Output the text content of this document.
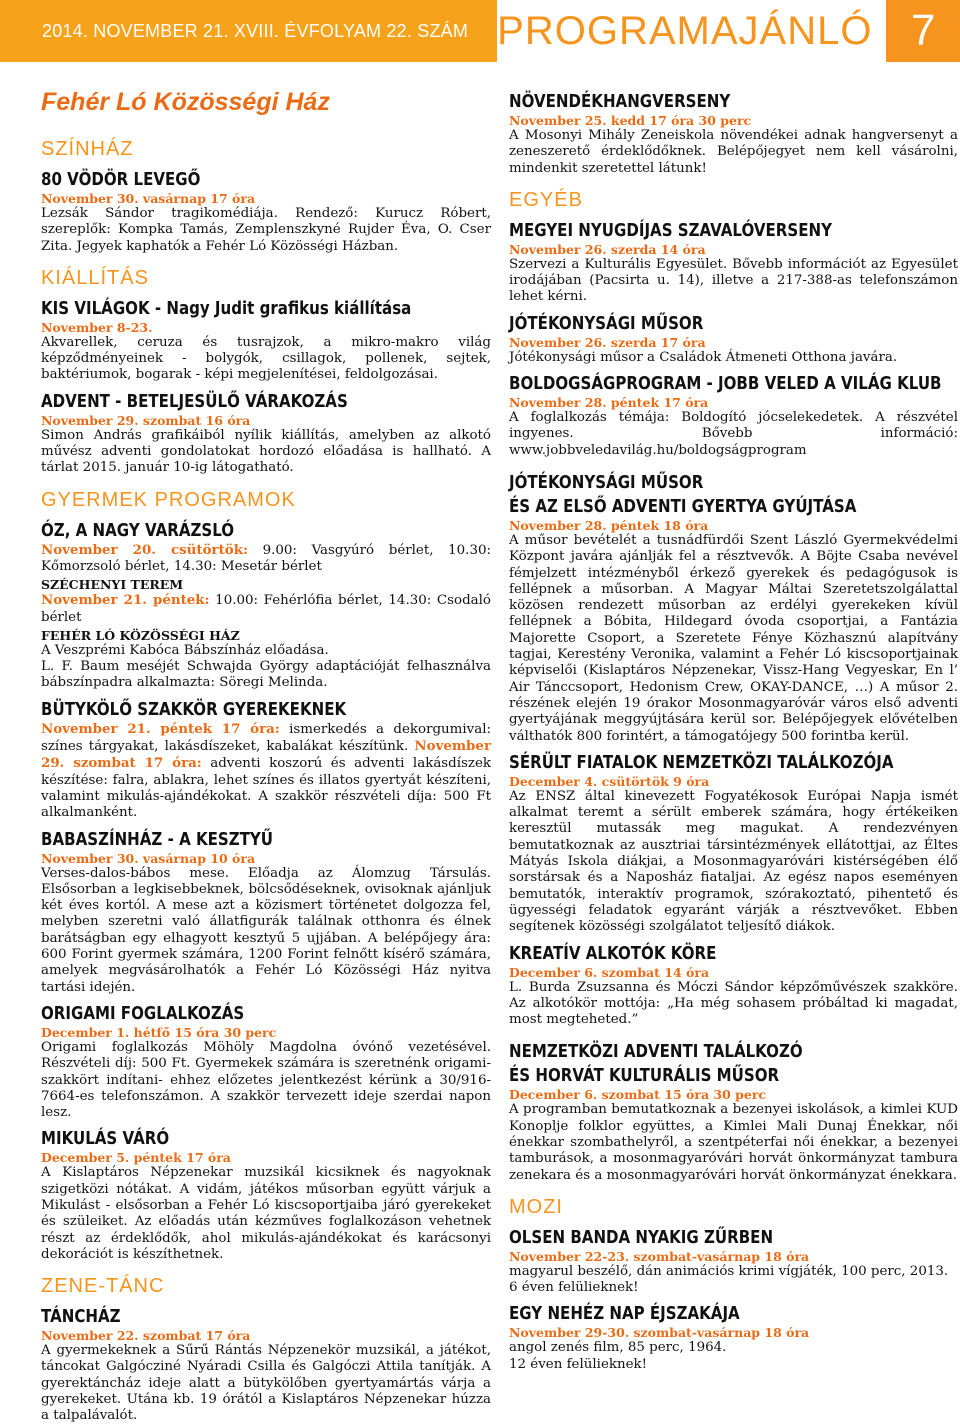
2014. NOVEMBER 21. XVIII. ÉVFOLYAM 22. SZÁM PROGRAMAJÁNLÓ 7
Fehér Ló Közösségi Ház
SZÍNHÁZ
80 VÖDÖR LEVEGŐ
November 30. vasárnap 17 óra

Lezsák Sándor tragikomédiája. Rendező: Kurucz Róbert, szereplők: Kompka Tamás, Zemplenszkyné Rujder Éva, O. Cser Zita. Jegyek kaphatók a Fehér Ló Közösségi Házban.

KIÁLLÍTÁS
KIS VILÁGOK - Nagy Judit grafikus kiállítása
November 8-23.

Akvarellek, ceruza és tusrajzok, a mikro-makro világ képződményeinek - bolygók, csillagok, pollenek, sejtek, baktériumok, bogarak - képi megjelenítései, feldolgozásai.

ADVENT - BETELJESÜLŐ VÁRAKOZÁS
November 29. szombat 16 óra

Simon András grafikáiból nyílik kiállítás, amelyben az alkotó művész adventi gondolatokat hordozó előadása is hallható. A tárlat 2015. január 10-ig látogatható.

GYERMEK PROGRAMOK
ÓZ, A NAGY VARÁZSLÓ

November 20. csütörtök: 9.00: Vasgyúró bérlet, 10.30: Kőmorzsoló bérlet, 14.30: Mesetár bérlet

SZÉCHENYI TEREM

November 21. péntek: 10.00: Fehérlófia bérlet, 14.30: Csodaló bérlet

FEHÉR LÓ KÖZÖSSÉGI HÁZ

A Veszprémi Kabóca Bábszínház előadása.

L. F. Baum meséjét Schwajda György adaptációját felhasználva bábszínpadra alkalmazta: Söregi Melinda.

BÜTYKÖLŐ SZAKKÖR GYEREKEKNEK

November 21. péntek 17 óra: ismerkedés a dekorgumival: színes tárgyakat, lakásdíszeket, kabalákat készítünk. November 29. szombat 17 óra: adventi koszorú és adventi lakásdíszek készítése: falra, ablakra, lehet színes és illatos gyertyát készíteni, valamint mikulás-ajándékokat. A szakkör részvételi díja: 500 Ft alkalmanként.

BABASZÍNHÁZ - A KESZTYŰ
November 30. vasárnap 10 óra

Verses-dalos-bábos mese. Előadja az Álomzug Társulás. Elsősorban a legkisebbeknek, bölcsődéseknek, ovisoknak ajánljuk két éves kortól. A mese azt a közismert történetet dolgozza fel, melyben szeretni való állatfigurák találnak otthonra és élnek barátságban egy elhagyott kesztyű 5 ujjában. A belépőjegy ára: 600 Forint gyermek számára, 1200 Forint felnőtt kísérő számára, amelyek megvásárolhatók a Fehér Ló Közösségi Ház nyitva tartási idején.

ORIGAMI FOGLALKOZÁS
December 1. hétfő 15 óra 30 perc

Origami foglalkozás Möhöly Magdolna óvónő vezetésével. Részvételi díj: 500 Ft. Gyermekek számára is szeretnénk origami-szakkört indítani- ehhez előzetes jelentkezést kérünk a 30/916-7664-es telefonszámon. A szakkör tervezett ideje szerdai napon lesz.

MIKULÁS VÁRÓ
December 5. péntek 17 óra

A Kislaptáros Népzenekar muzsikál kicsiknek és nagyoknak szigetközi nótákat. A vidám, játékos műsorban együtt várjuk a Mikulást - elsősorban a Fehér Ló kiscsoportjaiba járó gyerekeket és szüleiket. Az előadás után kézműves foglalkozáson vehetnek részt az érdeklődők, ahol mikulás-ajándékokat és karácsonyi dekorációt is készíthetnek.

ZENE-TÁNC
TÁNCHÁZ
November 22. szombat 17 óra

A gyermekeknek a Sűrű Rántás Népzenekör muzsikál, a játékot, táncokat Galgócziné Nyáradi Csilla és Galgóczi Attila tanítják. A gyerektáncház ideje alatt a bütykölőben gyertyamártás várja a gyerekeket. Utána kb. 19 órától a Kislaptáros Népzenekar húzza a talpalávalót.

NÖVENDÉKHANGVERSENY
November 25. kedd 17 óra 30 perc

A Mosonyi Mihály Zeneiskola növendékei adnak hangversenyt a zeneszerető érdeklődőknek. Belépőjegyet nem kell vásárolni, mindenkit szeretettel látunk!

EGYÉB
MEGYEI NYUGDÍJAS SZAVALÓVERSENY
November 26. szerda 14 óra

Szervezi a Kulturális Egyesület. Bővebb információt az Egyesület irodájában (Pacsirta u. 14), illetve a 217-388-as telefonszámon lehet kérni.

JÓTÉKONYSÁGI MŰSOR
November 26. szerda 17 óra

Jótékonysági műsor a Családok Átmeneti Otthona javára.

BOLDOGSÁGPROGRAM - JOBB VELED A VILÁG KLUB
November 28. péntek 17 óra

A foglalkozás témája: Boldogító jócselekedetek. A részvétel ingyenes. Bővebb információ: www.jobbveledavilág.hu/boldogságprogram

JÓTÉKONYSÁGI MŰSOR
ÉS AZ ELSŐ ADVENTI GYERTYA GYÚJTÁSA
November 28. péntek 18 óra

A műsor bevételét a tusnádfürdői Szent László Gyermekvédelmi Központ javára ajánlják fel a résztvevők. A Böjte Csaba nevével fémjelzett intézményből érkező gyerekek és pedagógusok is fellépnek a műsorban. A Magyar Máltai Szeretetszolgálattal közösen rendezett műsorban az erdélyi gyerekeken kívül fellépnek a Bóbita, Hildegard óvoda csoportjai, a Fantázia Majorette Csoport, a Szeretete Fénye Közhasznú alapítvány tagjai, Kerestény Veronika, valamint a Fehér Ló kiscsoportjainak képviselői (Kislaptáros Népzenekar, Vissz-Hang Vegyeskar, En l’ Air Tánccsoport, Hedonism Crew, OKAY-DANCE, …) A műsor 2. részének elején 19 órakor Mosonmagyaróvár város első adventi gyertyájának meggyújtására kerül sor. Belépőjegyek elővételben válthatók 800 forintért, a támogatójegy 500 forintba kerül.

SÉRÜLT FIATALOK NEMZETKÖZI TALÁLKOZÓJA
December 4. csütörtök 9 óra

Az ENSZ által kinevezett Fogyatékosok Európai Napja ismét alkalmat teremt a sérült emberek számára, hogy értékeiken keresztül mutassák meg magukat. A rendezvényen bemutatkoznak az ausztriai társintézmények ellátottjai, az Éltes Mátyás Iskola diákjai, a Mosonmagyaróvári kistérségében élő sorstársak és a Naposház fiataljai. Az egész napos eseményen bemutatók, interaktív programok, szórakoztató, pihentető és ügyességi feladatok egyaránt várják a résztvevőket. Ebben segítenek közösségi szolgálatot teljesítő diákok.

KREATÍV ALKOTÓK KÖRE
December 6. szombat 14 óra

L. Burda Zsuzsanna és Móczi Sándor képzőművészek szakköre. Az alkotókör mottója: „Ha még sohasem próbáltad ki magadat, most megteheted.”

NEMZETKÖZI ADVENTI TALÁLKOZÓ
ÉS HORVÁT KULTURÁLIS MŰSOR
December 6. szombat 15 óra 30 perc

A programban bemutatkoznak a bezenyei iskolások, a kimlei KUD Konoplje folklor együttes, a Kimlei Mali Dunaj Énekkar, női énekkar szombathelyről, a szentpéterfai női énekkar, a bezenyei tamburások, a mosonmagyaróvári horvát önkormányzat tambura zenekara és a mosonmagyaróvári horvát önkormányzat énekkara.

MOZI
OLSEN BANDA NYAKIG ZŰRBEN
November 22-23. szombat-vasárnap 18 óra

magyarul beszélő, dán animációs krimi vígjáték, 100 perc, 2013.

6 éven felülieknek!

EGY NEHÉZ NAP ÉJSZAKÁJA
November 29-30. szombat-vasárnap 18 óra

angol zenés film, 85 perc, 1964.

12 éven felülieknek!
